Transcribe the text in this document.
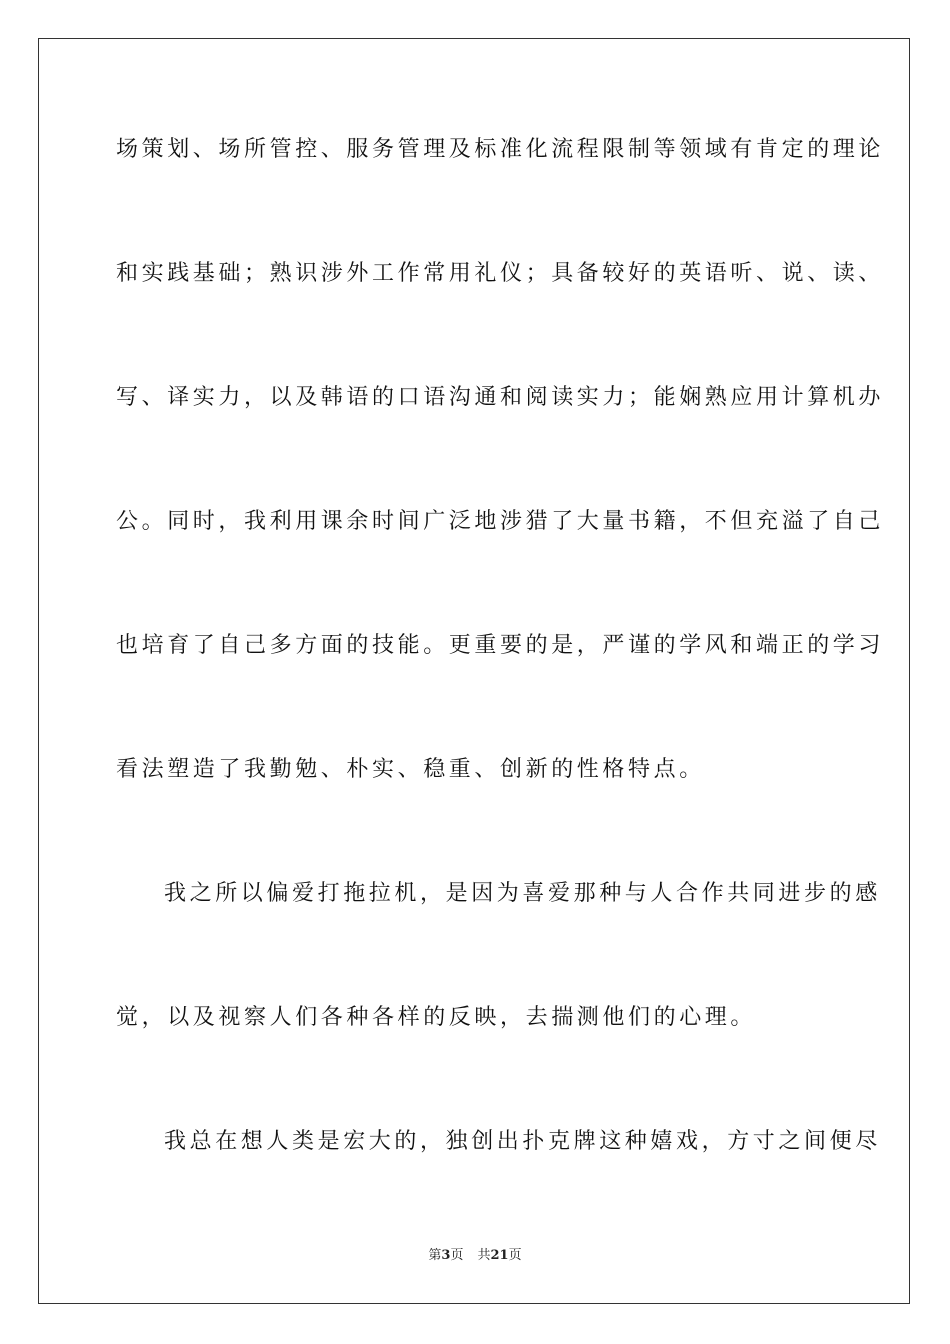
场策划、场所管控、服务管理及标准化流程限制等领域有肯定的理论
和实践基础；熟识涉外工作常用礼仪；具备较好的英语听、说、读、
写、译实力，以及韩语的口语沟通和阅读实力；能娴熟应用计算机办
公。同时，我利用课余时间广泛地涉猎了大量书籍，不但充溢了自己
也培育了自己多方面的技能。更重要的是，严谨的学风和端正的学习
看法塑造了我勤勉、朴实、稳重、创新的性格特点。
我之所以偏爱打拖拉机，是因为喜爱那种与人合作共同进步的感
觉，以及视察人们各种各样的反映，去揣测他们的心理。
我总在想人类是宏大的，独创出扑克牌这种嬉戏，方寸之间便尽
第3页 共21页
